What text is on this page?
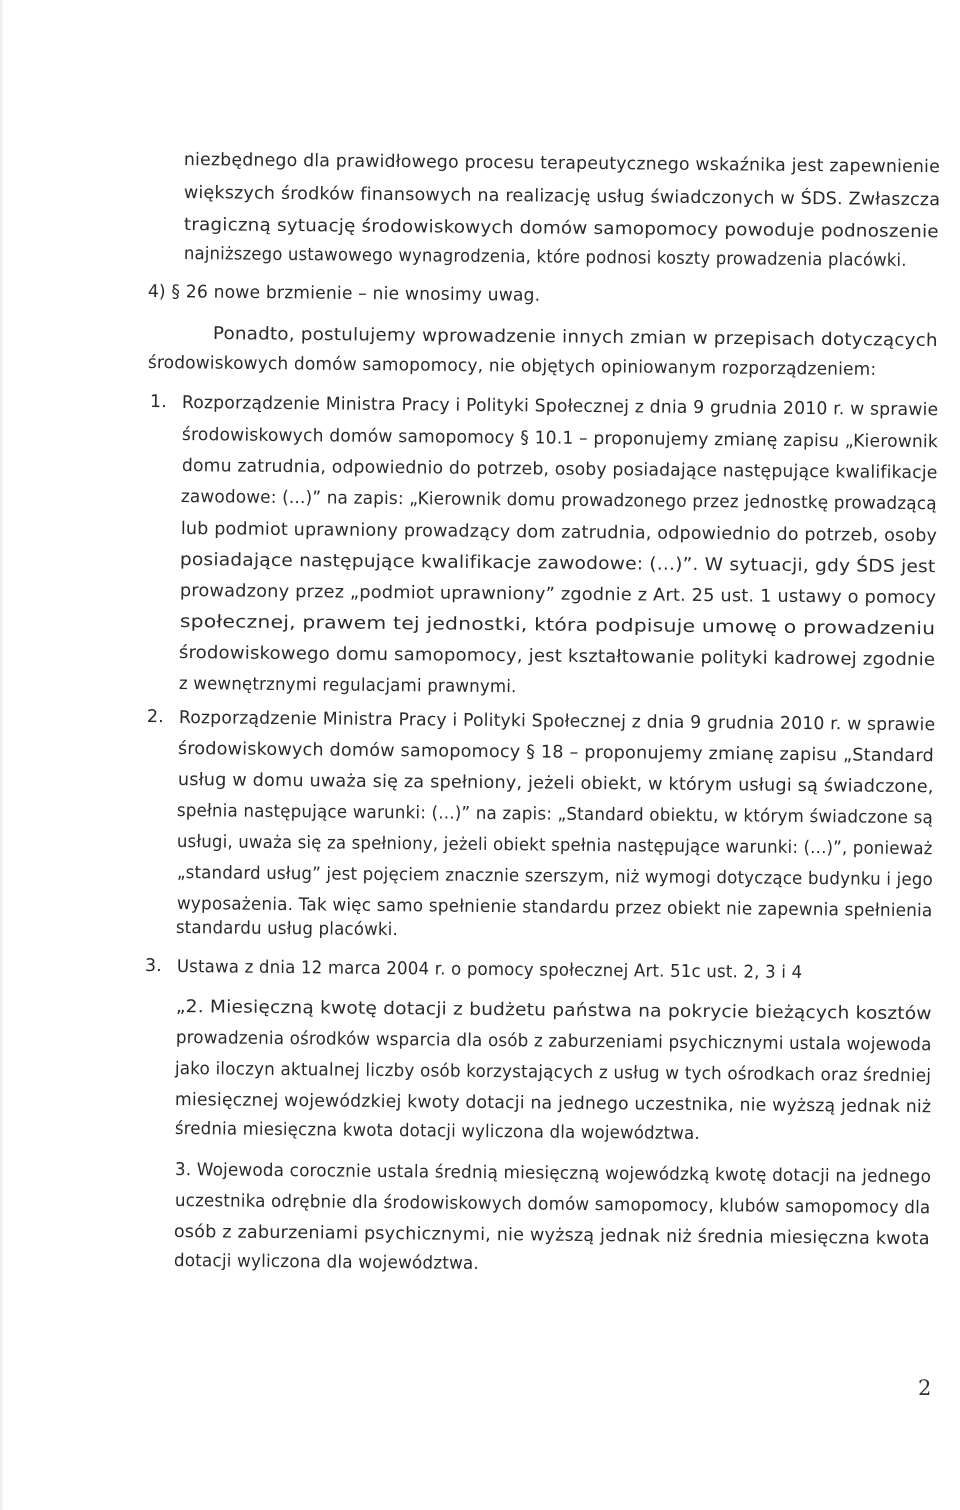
niezbędnego dla prawidłowego procesu terapeutycznego wskaźnika jest zapewnienie
większych środków finansowych na realizację usług świadczonych w ŚDS. Zwłaszcza
tragiczną sytuację środowiskowych domów samopomocy powoduje podnoszenie
najniższego ustawowego wynagrodzenia, które podnosi koszty prowadzenia placówki.
4) § 26 nowe brzmienie – nie wnosimy uwag.
Ponadto, postulujemy wprowadzenie innych zmian w przepisach dotyczących
środowiskowych domów samopomocy, nie objętych opiniowanym rozporządzeniem:
1. Rozporządzenie Ministra Pracy i Polityki Społecznej z dnia 9 grudnia 2010 r. w sprawie
środowiskowych domów samopomocy § 10.1 – proponujemy zmianę zapisu „Kierownik
domu zatrudnia, odpowiednio do potrzeb, osoby posiadające następujące kwalifikacje
zawodowe: (...)” na zapis: „Kierownik domu prowadzonego przez jednostkę prowadzącą
lub podmiot uprawniony prowadzący dom zatrudnia, odpowiednio do potrzeb, osoby
posiadające następujące kwalifikacje zawodowe: (...)”. W sytuacji, gdy ŚDS jest
prowadzony przez „podmiot uprawniony” zgodnie z Art. 25 ust. 1 ustawy o pomocy
społecznej, prawem tej jednostki, która podpisuje umowę o prowadzeniu
środowiskowego domu samopomocy, jest kształtowanie polityki kadrowej zgodnie
z wewnętrznymi regulacjami prawnymi.
2. Rozporządzenie Ministra Pracy i Polityki Społecznej z dnia 9 grudnia 2010 r. w sprawie
środowiskowych domów samopomocy § 18 – proponujemy zmianę zapisu „Standard
usług w domu uważa się za spełniony, jeżeli obiekt, w którym usługi są świadczone,
spełnia następujące warunki: (...)” na zapis: „Standard obiektu, w którym świadczone są
usługi, uważa się za spełniony, jeżeli obiekt spełnia następujące warunki: (...)”, ponieważ
„standard usług” jest pojęciem znacznie szerszym, niż wymogi dotyczące budynku i jego
wyposażenia. Tak więc samo spełnienie standardu przez obiekt nie zapewnia spełnienia
standardu usług placówki.
3. Ustawa z dnia 12 marca 2004 r. o pomocy społecznej Art. 51c ust. 2, 3 i 4
„2. Miesięczną kwotę dotacji z budżetu państwa na pokrycie bieżących kosztów
prowadzenia ośrodków wsparcia dla osób z zaburzeniami psychicznymi ustala wojewoda
jako iloczyn aktualnej liczby osób korzystających z usług w tych ośrodkach oraz średniej
miesięcznej wojewódzkiej kwoty dotacji na jednego uczestnika, nie wyższą jednak niż
średnia miesięczna kwota dotacji wyliczona dla województwa.
3. Wojewoda corocznie ustala średnią miesięczną wojewódzką kwotę dotacji na jednego
uczestnika odrębnie dla środowiskowych domów samopomocy, klubów samopomocy dla
osób z zaburzeniami psychicznymi, nie wyższą jednak niż średnia miesięczna kwota
dotacji wyliczona dla województwa.
2
